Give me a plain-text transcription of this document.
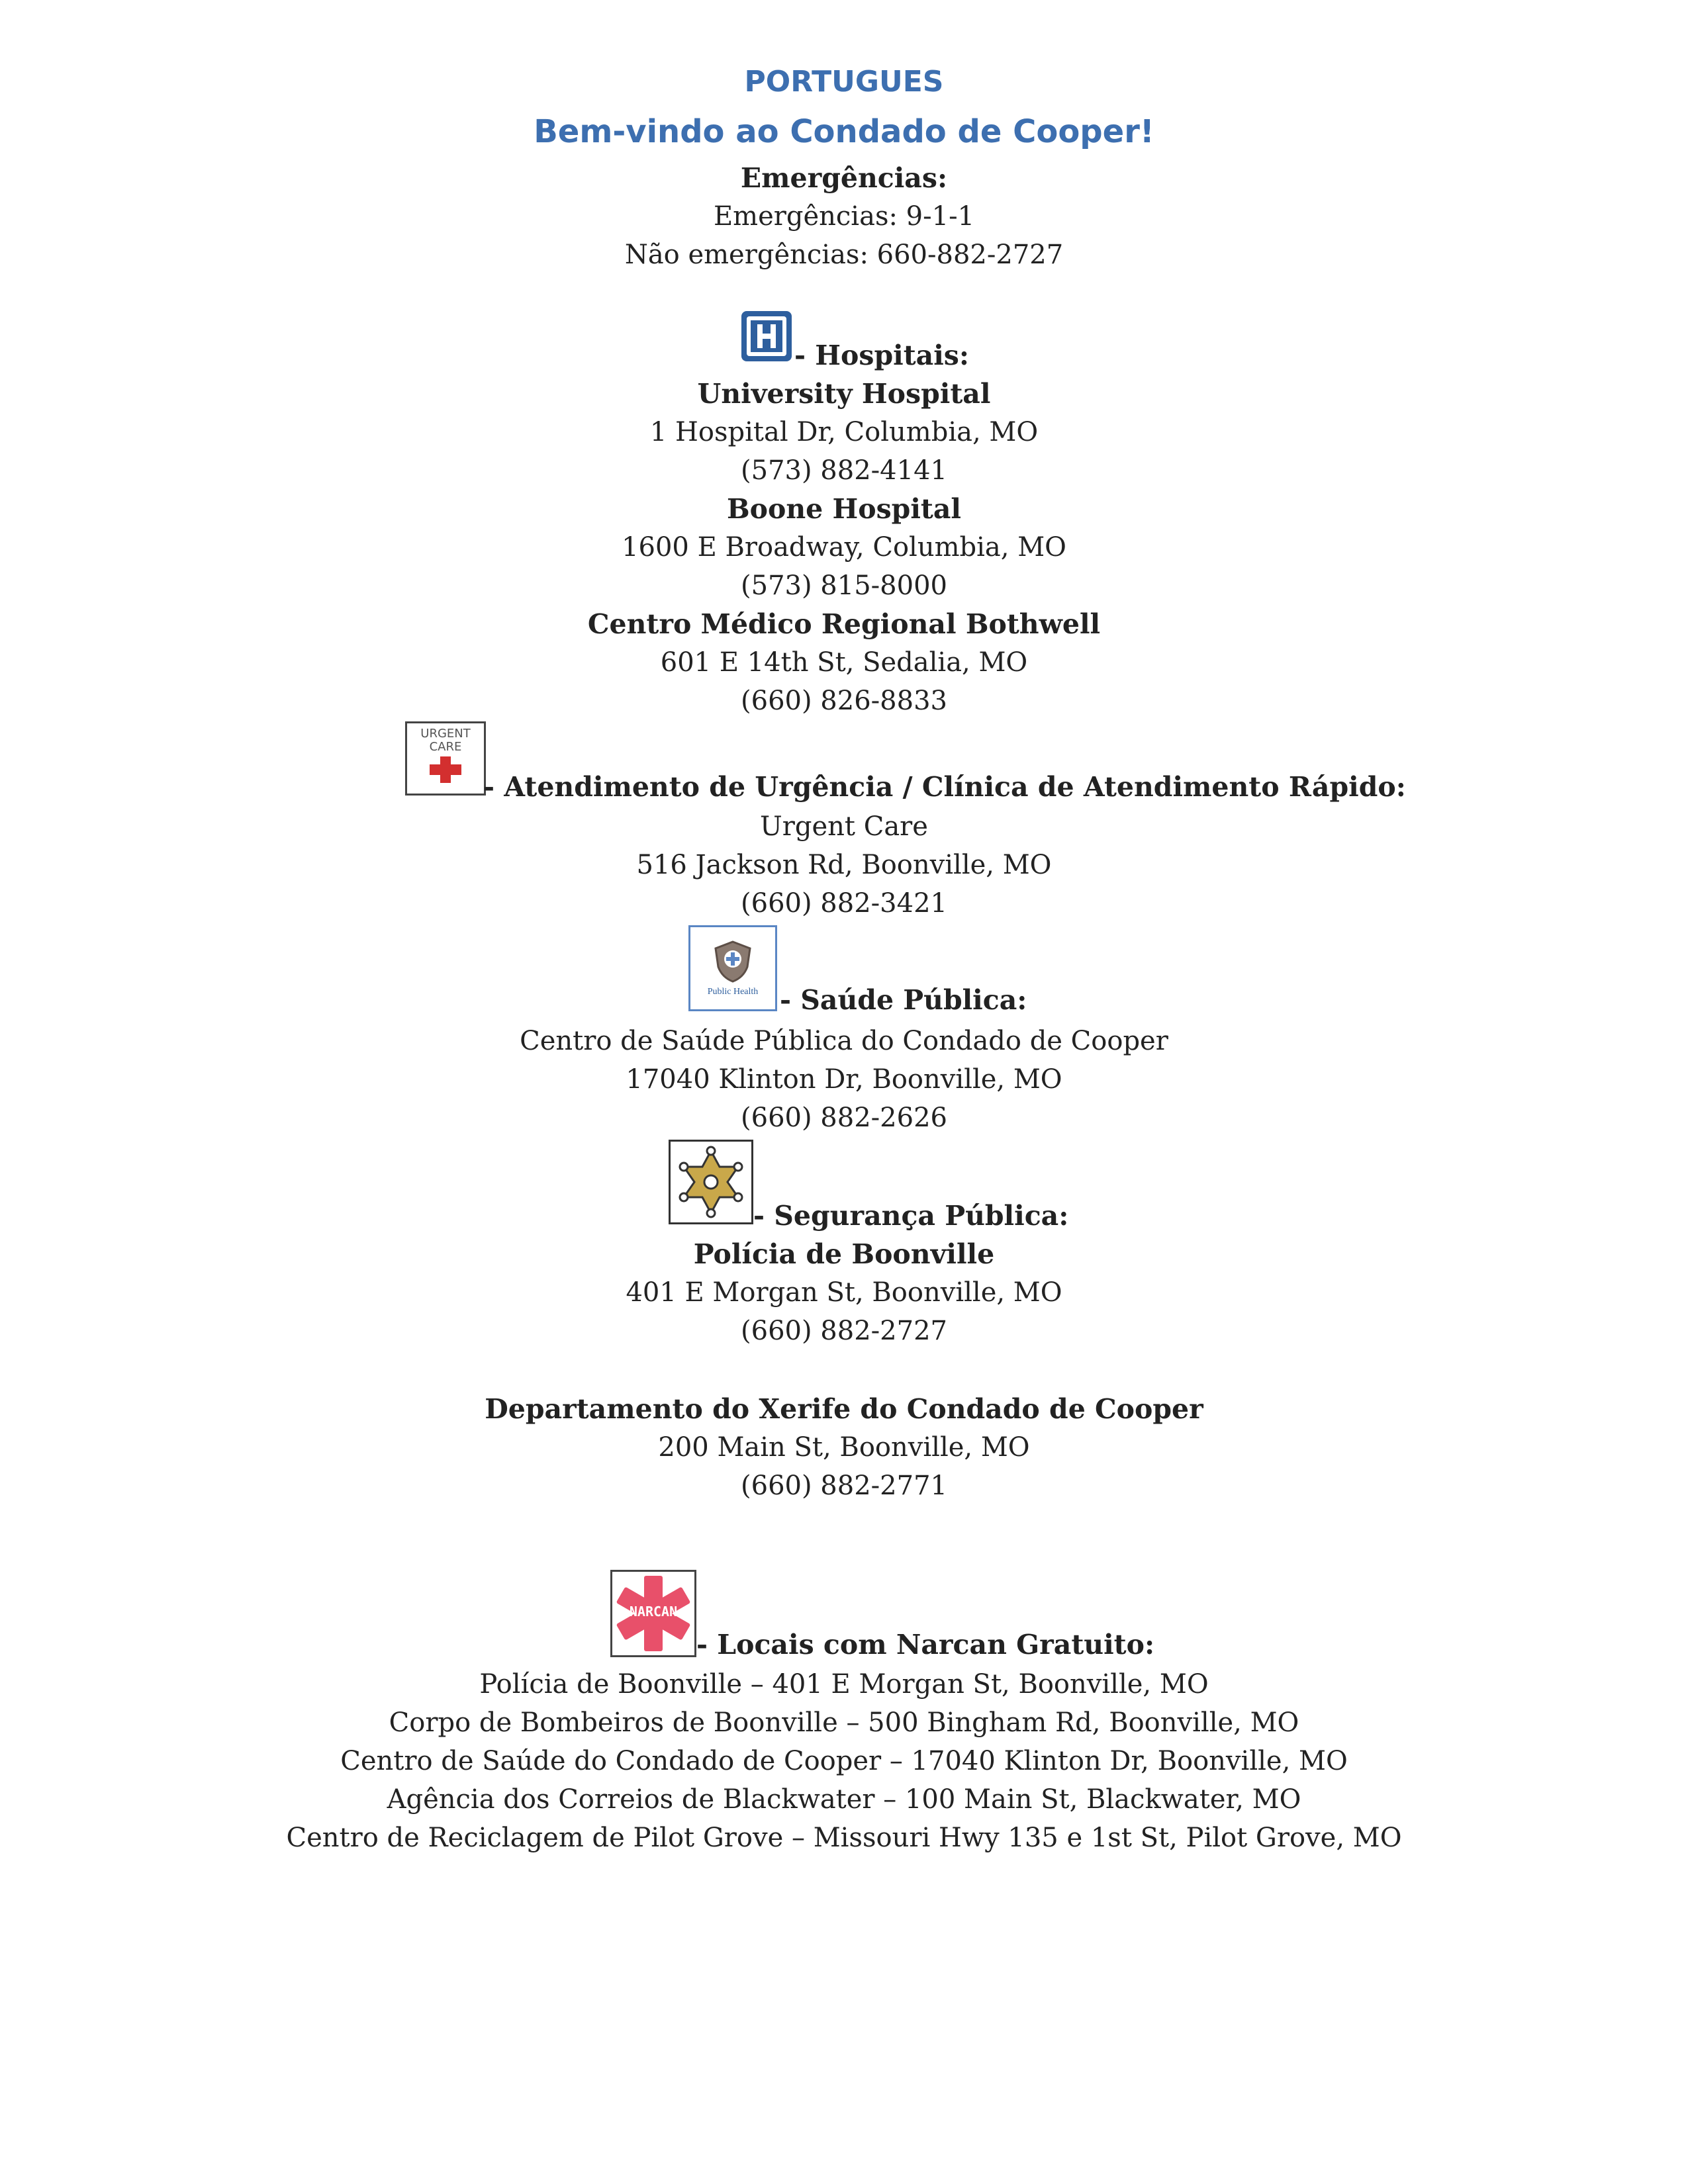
PORTUGUES
Bem-vindo ao Condado de Cooper!
Emergências:
Emergências: 9-1-1
Não emergências: 660-882-2727
- Hospitais:
University Hospital
1 Hospital Dr, Columbia, MO
(573) 882-4141
Boone Hospital
1600 E Broadway, Columbia, MO
(573) 815-8000
Centro Médico Regional Bothwell
601 E 14th St, Sedalia, MO
(660) 826-8833
URGENT
CARE
- Atendimento de Urgência / Clínica de Atendimento Rápido:
Urgent Care
516 Jackson Rd, Boonville, MO
(660) 882-3421
Public Health - Saúde Pública:
Centro de Saúde Pública do Condado de Cooper
17040 Klinton Dr, Boonville, MO
(660) 882-2626
- Segurança Pública:
Polícia de Boonville
401 E Morgan St, Boonville, MO
(660) 882-2727
Departamento do Xerife do Condado de Cooper
200 Main St, Boonville, MO
(660) 882-2771
NARCAN
- Locais com Narcan Gratuito:
Polícia de Boonville – 401 E Morgan St, Boonville, MO
Corpo de Bombeiros de Boonville – 500 Bingham Rd, Boonville, MO
Centro de Saúde do Condado de Cooper – 17040 Klinton Dr, Boonville, MO
Agência dos Correios de Blackwater – 100 Main St, Blackwater, MO
Centro de Reciclagem de Pilot Grove – Missouri Hwy 135 e 1st St, Pilot Grove, MO
